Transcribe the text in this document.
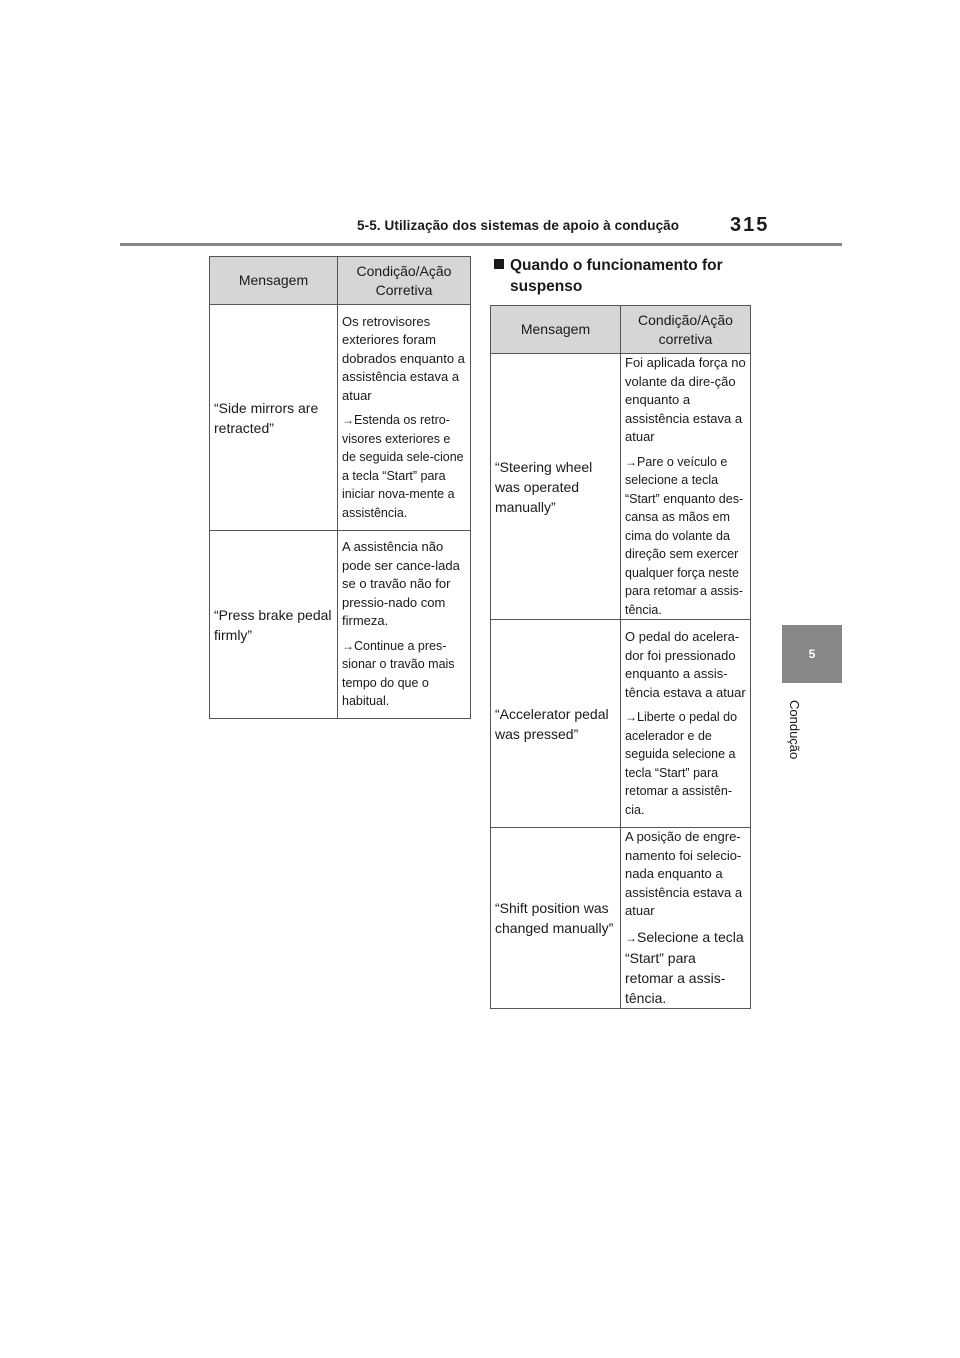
5-5. Utilização dos sistemas de apoio à condução	315
5
Condução
Mensagem	Condição/Ação Corretiva
“Side mirrors are retracted”	Os retrovisores exteriores foram dobrados enquanto a assistência estava a atuar
→Estenda os retro-visores exteriores e de seguida sele-cione a tecla “Start” para iniciar nova-mente a assistência.

“Press brake pedal firmly”	A assistência não pode ser cance-lada se o travão não for pressio-nado com firmeza.
→Continue a pres-sionar o travão mais tempo do que o habitual.
Quando o funcionamento for
suspenso
Mensagem	Condição/Ação corretiva
“Steering wheel was operated manually”	Foi aplicada força no volante da dire-ção enquanto a assistência estava a atuar
→Pare o veículo e selecione a tecla “Start” enquanto des-cansa as mãos em cima do volante da direção sem exercer qualquer força neste para retomar a assis-tência.

“Accelerator pedal was pressed”	O pedal do acelera-dor foi pressionado enquanto a assis-tência estava a atuar
→Liberte o pedal do acelerador e de seguida selecione a tecla “Start” para retomar a assistên-cia.

“Shift position was changed manually”	A posição de engre-namento foi selecio-nada enquanto a assistência estava a atuar
→Selecione a tecla “Start” para retomar a assis-tência.
